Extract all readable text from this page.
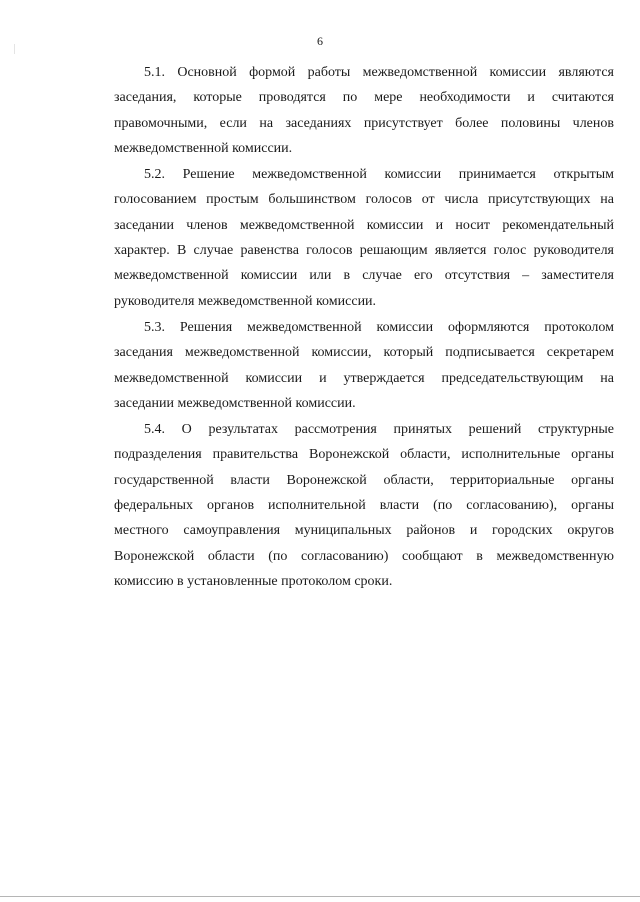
6

5.1. Основной формой работы межведомственной комиссии являются
заседания, которые проводятся по мере необходимости и считаются
правомочными, если на заседаниях присутствует более половины членов
межведомственной комиссии.

5.2. Решение межведомственной комиссии принимается открытым
голосованием простым большинством голосов от числа присутствующих на
заседании членов межведомственной комиссии и носит рекомендательный
характер. В случае равенства голосов решающим является голос руководителя
межведомственной комиссии или в случае его отсутствия – заместителя
руководителя межведомственной комиссии.

5.3. Решения межведомственной комиссии оформляются протоколом
заседания межведомственной комиссии, который подписывается секретарем
межведомственной комиссии и утверждается председательствующим на
заседании межведомственной комиссии.

5.4. О результатах рассмотрения принятых решений структурные
подразделения правительства Воронежской области, исполнительные органы
государственной власти Воронежской области, территориальные органы
федеральных органов исполнительной власти (по согласованию), органы
местного самоуправления муниципальных районов и городских округов
Воронежской области (по согласованию) сообщают в межведомственную
комиссию в установленные протоколом сроки.
